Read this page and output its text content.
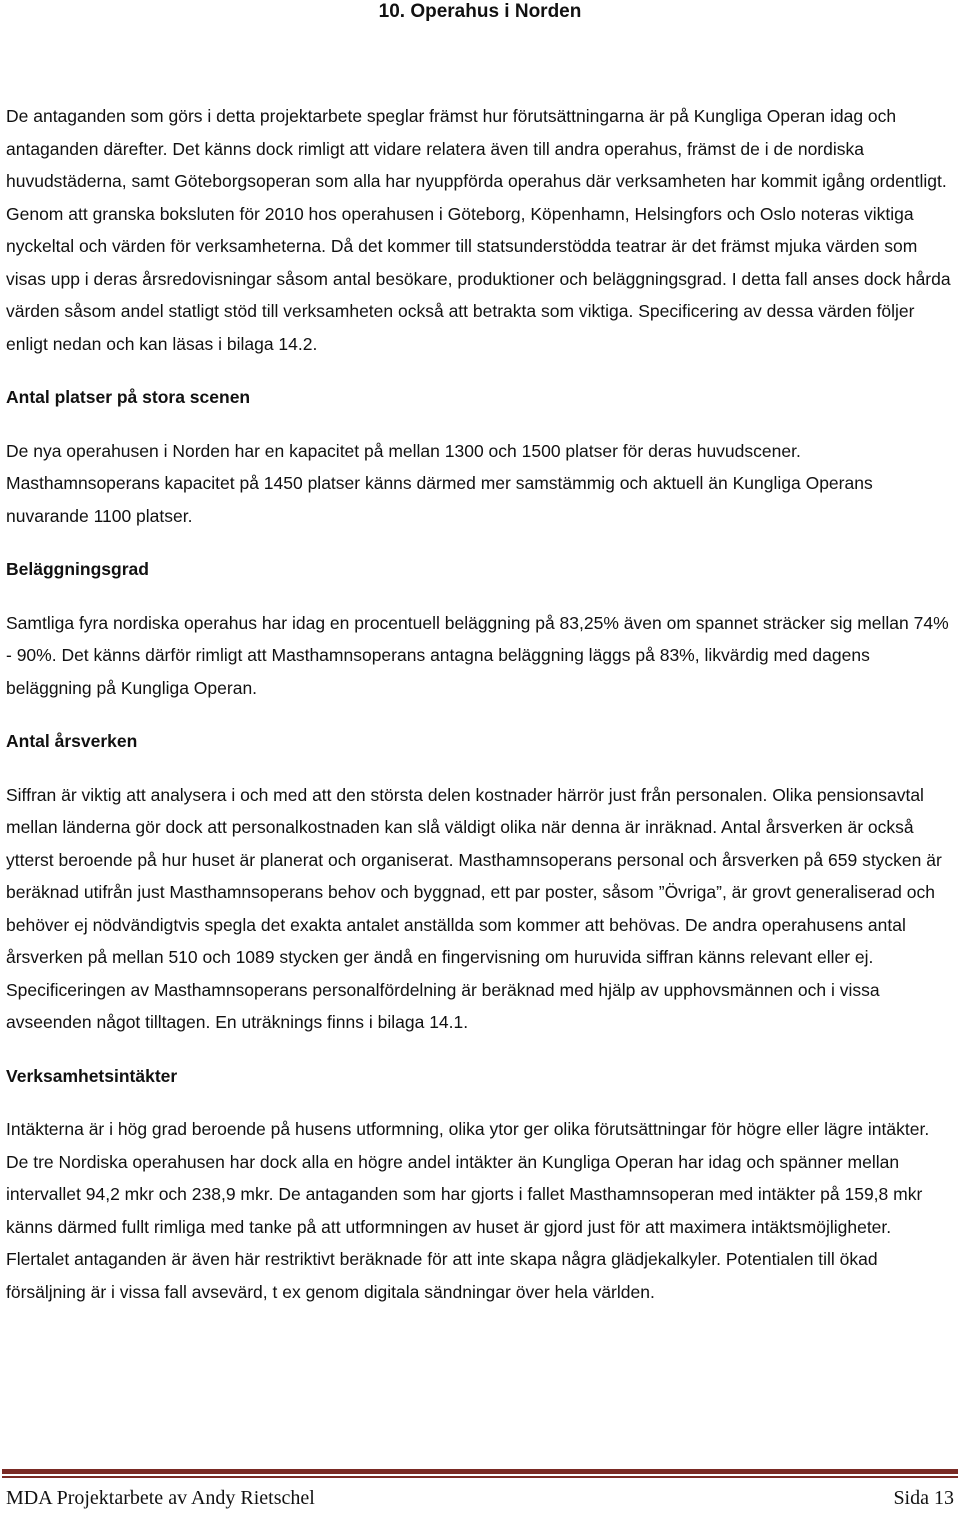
10. Operahus i Norden

De antaganden som görs i detta projektarbete speglar främst hur förutsättningarna är på Kungliga Operan idag och antaganden därefter. Det känns dock rimligt att vidare relatera även till andra operahus, främst de i de nordiska huvudstäderna, samt Göteborgsoperan som alla har nyuppförda operahus där verksamheten har kommit igång ordentligt. Genom att granska boksluten för 2010 hos operahusen i Göteborg, Köpenhamn, Helsingfors och Oslo noteras viktiga nyckeltal och värden för verksamheterna. Då det kommer till statsunderstödda teatrar är det främst mjuka värden som visas upp i deras årsredovisningar såsom antal besökare, produktioner och beläggningsgrad. I detta fall anses dock hårda värden såsom andel statligt stöd till verksamheten också att betrakta som viktiga. Specificering av dessa värden följer enligt nedan och kan läsas i bilaga 14.2.

Antal platser på stora scenen

De nya operahusen i Norden har en kapacitet på mellan 1300 och 1500 platser för deras huvudscener. Masthamnsoperans kapacitet på 1450 platser känns därmed mer samstämmig och aktuell än Kungliga Operans nuvarande 1100 platser.

Beläggningsgrad

Samtliga fyra nordiska operahus har idag en procentuell beläggning på 83,25% även om spannet sträcker sig mellan 74% - 90%. Det känns därför rimligt att Masthamnsoperans antagna beläggning läggs på 83%, likvärdig med dagens beläggning på Kungliga Operan.

Antal årsverken

Siffran är viktig att analysera i och med att den största delen kostnader härrör just från personalen. Olika pensionsavtal mellan länderna gör dock att personalkostnaden kan slå väldigt olika när denna är inräknad. Antal årsverken är också ytterst beroende på hur huset är planerat och organiserat. Masthamnsoperans personal och årsverken på 659 stycken är beräknad utifrån just Masthamnsoperans behov och byggnad, ett par poster, såsom ”Övriga”, är grovt generaliserad och behöver ej nödvändigtvis spegla det exakta antalet anställda som kommer att behövas. De andra operahusens antal årsverken på mellan 510 och 1089 stycken ger ändå en fingervisning om huruvida siffran känns relevant eller ej. Specificeringen av Masthamnsoperans personalfördelning är beräknad med hjälp av upphovsmännen och i vissa avseenden något tilltagen. En uträknings finns i bilaga 14.1.

Verksamhetsintäkter

Intäkterna är i hög grad beroende på husens utformning, olika ytor ger olika förutsättningar för högre eller lägre intäkter. De tre Nordiska operahusen har dock alla en högre andel intäkter än Kungliga Operan har idag och spänner mellan intervallet 94,2 mkr och 238,9 mkr. De antaganden som har gjorts i fallet Masthamnsoperan med intäkter på 159,8 mkr känns därmed fullt rimliga med tanke på att utformningen av huset är gjord just för att maximera intäktsmöjligheter. Flertalet antaganden är även här restriktivt beräknade för att inte skapa några glädjekalkyler. Potentialen till ökad försäljning är i vissa fall avsevärd, t ex genom digitala sändningar över hela världen.

MDA Projektarbete av Andy Rietschel	Sida 13
